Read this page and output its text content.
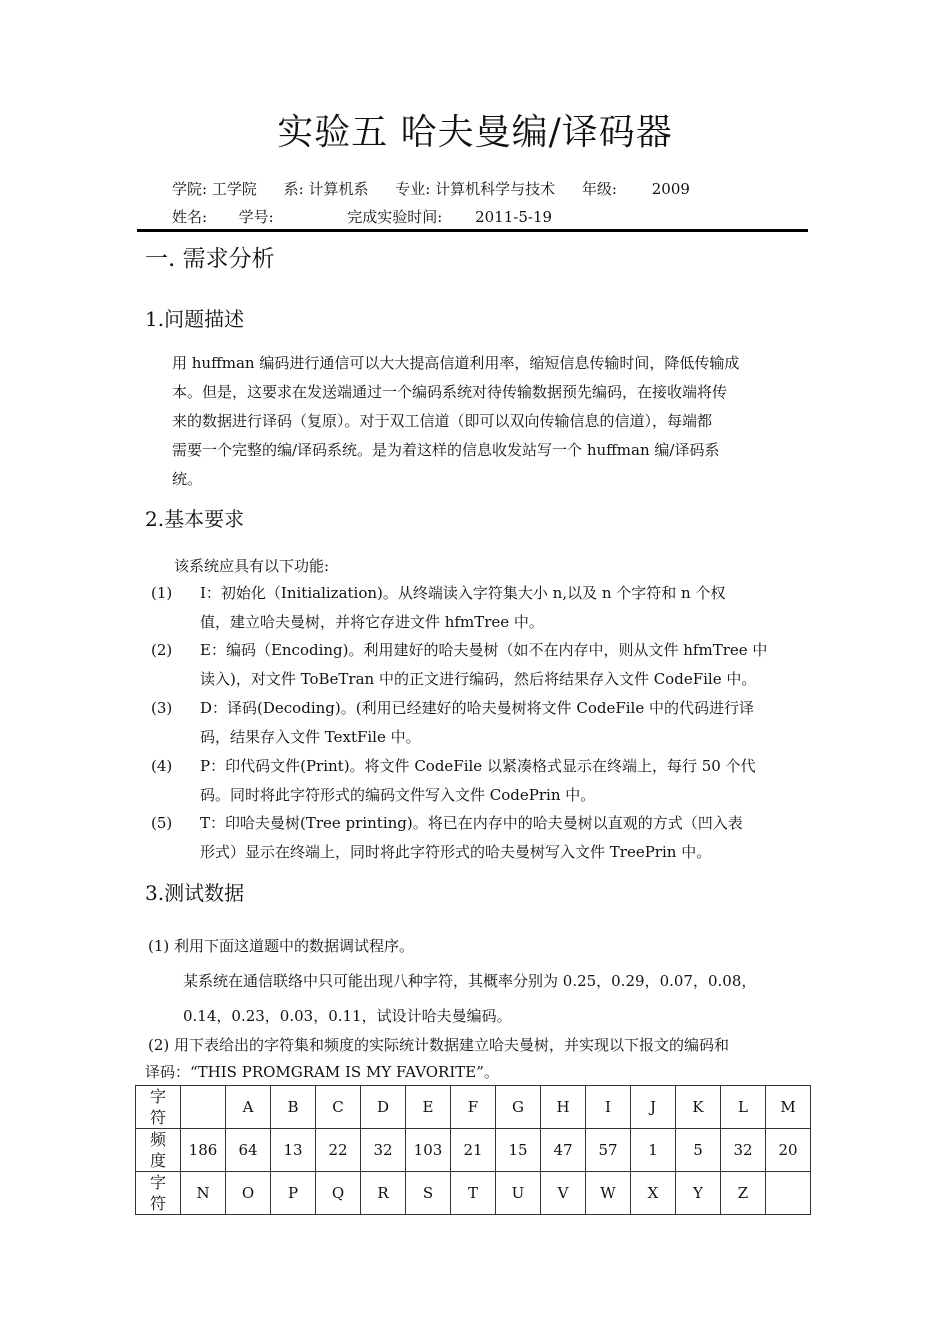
实验五 哈夫曼编/译码器
学院: 工学院 系: 计算机系 专业: 计算机科学与技术 年级: 2009
姓名: 学号:	完成实验时间: 2011-5-19
一. 需求分析
1.问题描述
用 huffman 编码进行通信可以大大提高信道利用率，缩短信息传输时间，降低传输成
本。但是，这要求在发送端通过一个编码系统对待传输数据预先编码，在接收端将传
来的数据进行译码（复原）。对于双工信道（即可以双向传输信息的信道），每端都
需要一个完整的编/译码系统。是为着这样的信息收发站写一个 huffman 编/译码系
统。
2.基本要求
该系统应具有以下功能:
(1) I：初始化（Initialization)。从终端读入字符集大小 n,以及 n 个字符和 n 个权
值，建立哈夫曼树，并将它存进文件 hfmTree 中。
(2) E：编码（Encoding)。利用建好的哈夫曼树（如不在内存中，则从文件 hfmTree 中
读入)，对文件 ToBeTran 中的正文进行编码，然后将结果存入文件 CodeFile 中。
(3) D：译码(Decoding)。(利用已经建好的哈夫曼树将文件 CodeFile 中的代码进行译
码，结果存入文件 TextFile 中。
(4) P：印代码文件(Print)。将文件 CodeFile 以紧凑格式显示在终端上，每行 50 个代
码。同时将此字符形式的编码文件写入文件 CodePrin 中。
(5) T：印哈夫曼树(Tree printing)。将已在内存中的哈夫曼树以直观的方式（凹入表
形式）显示在终端上，同时将此字符形式的哈夫曼树写入文件 TreePrin 中。
3.测试数据
(1) 利用下面这道题中的数据调试程序。
某系统在通信联络中只可能出现八种字符，其概率分别为 0.25，0.29，0.07，0.08，
0.14，0.23，0.03，0.11，试设计哈夫曼编码。
(2) 用下表给出的字符集和频度的实际统计数据建立哈夫曼树，并实现以下报文的编码和
译码：“THIS PROMGRAM IS MY FAVORITE”。
字
符		A	B	C	D	E	F	G	H	I	J	K	L	M
频
度	186	64	13	22	32	103	21	15	47	57	1	5	32	20
字
符	N	O	P	Q	R	S	T	U	V	W	X	Y	Z	
